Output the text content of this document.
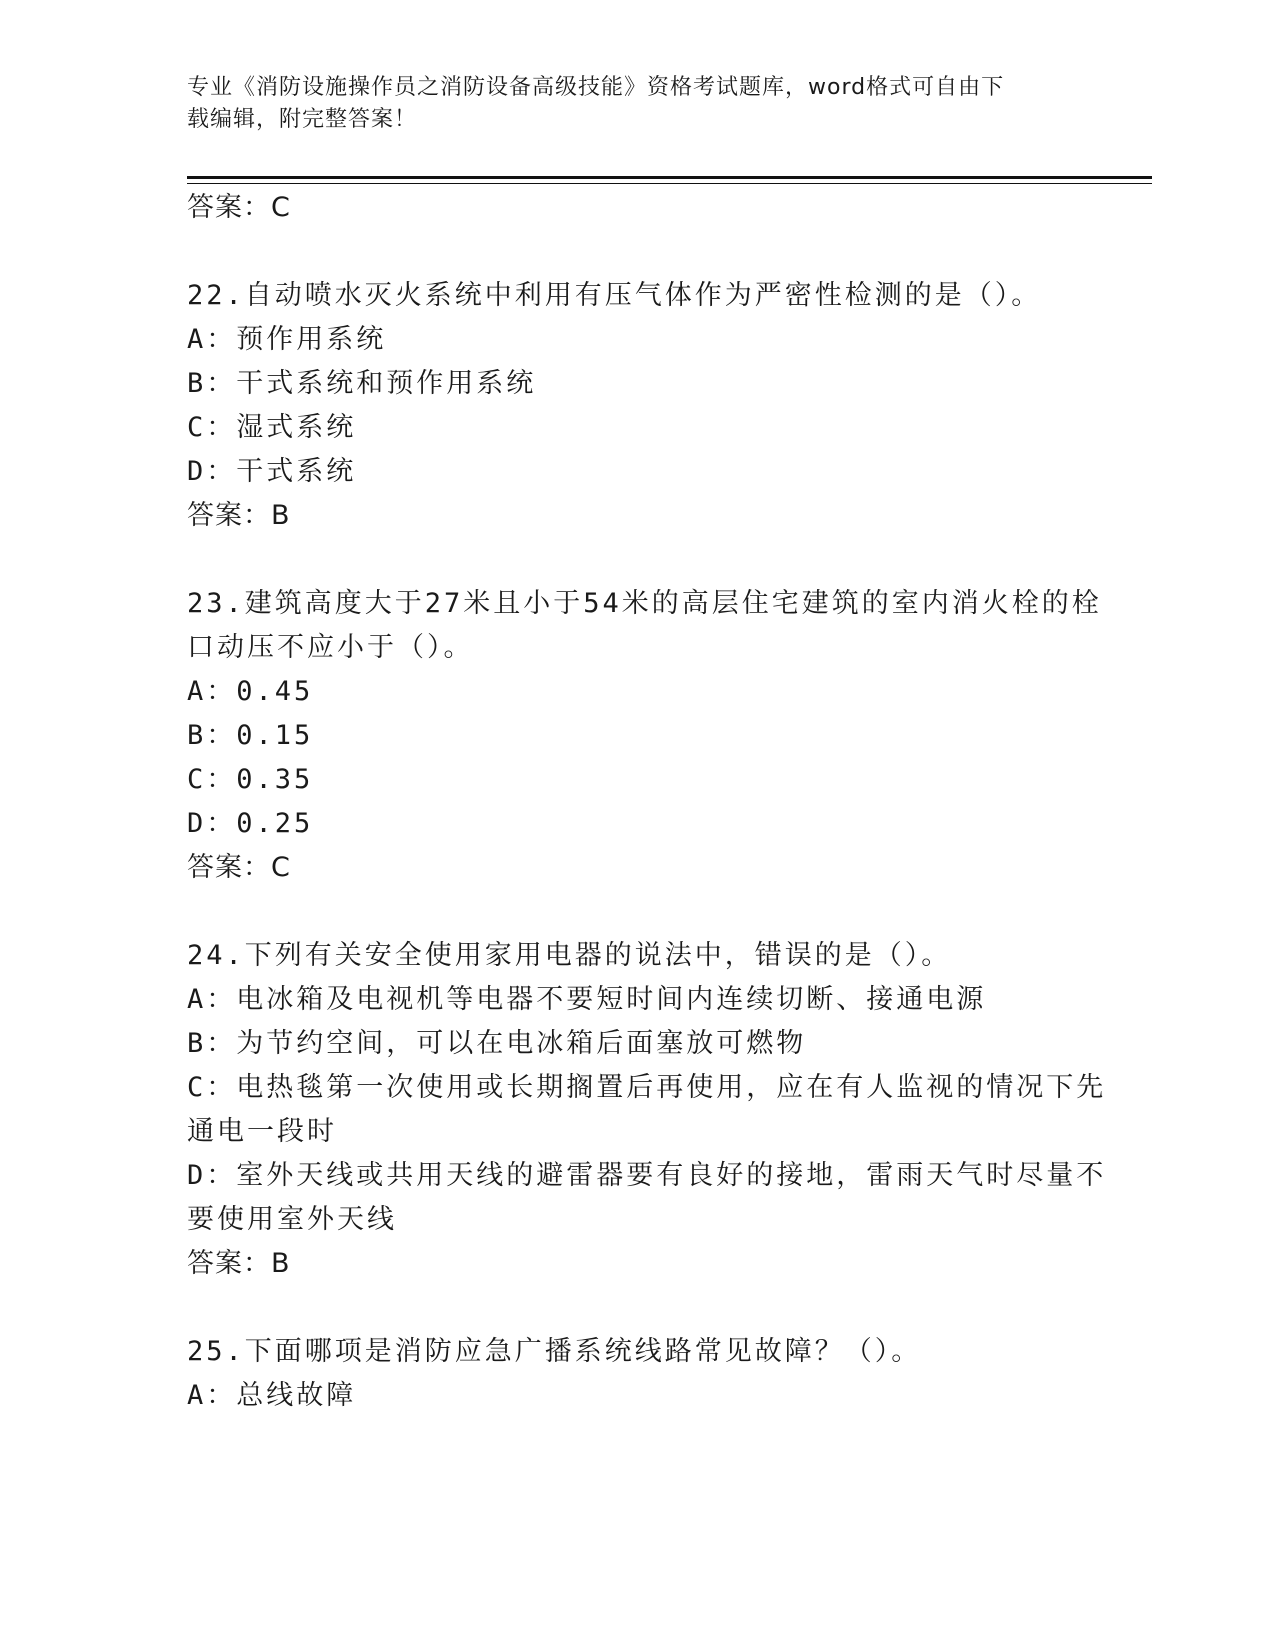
专业《消防设施操作员之消防设备高级技能》资格考试题库，word格式可自由下
载编辑，附完整答案！
答案：C
22.自动喷水灭火系统中利用有压气体作为严密性检测的是（）。
A：预作用系统
B：干式系统和预作用系统
C：湿式系统
D：干式系统
答案：B
23.建筑高度大于27米且小于54米的高层住宅建筑的室内消火栓的栓
口动压不应小于（）。
A：0.45
B：0.15
C：0.35
D：0.25
答案：C
24.下列有关安全使用家用电器的说法中，错误的是（）。
A：电冰箱及电视机等电器不要短时间内连续切断、接通电源
B：为节约空间，可以在电冰箱后面塞放可燃物
C：电热毯第一次使用或长期搁置后再使用，应在有人监视的情况下先
通电一段时
D：室外天线或共用天线的避雷器要有良好的接地，雷雨天气时尽量不
要使用室外天线
答案：B
25.下面哪项是消防应急广播系统线路常见故障？（）。
A：总线故障
